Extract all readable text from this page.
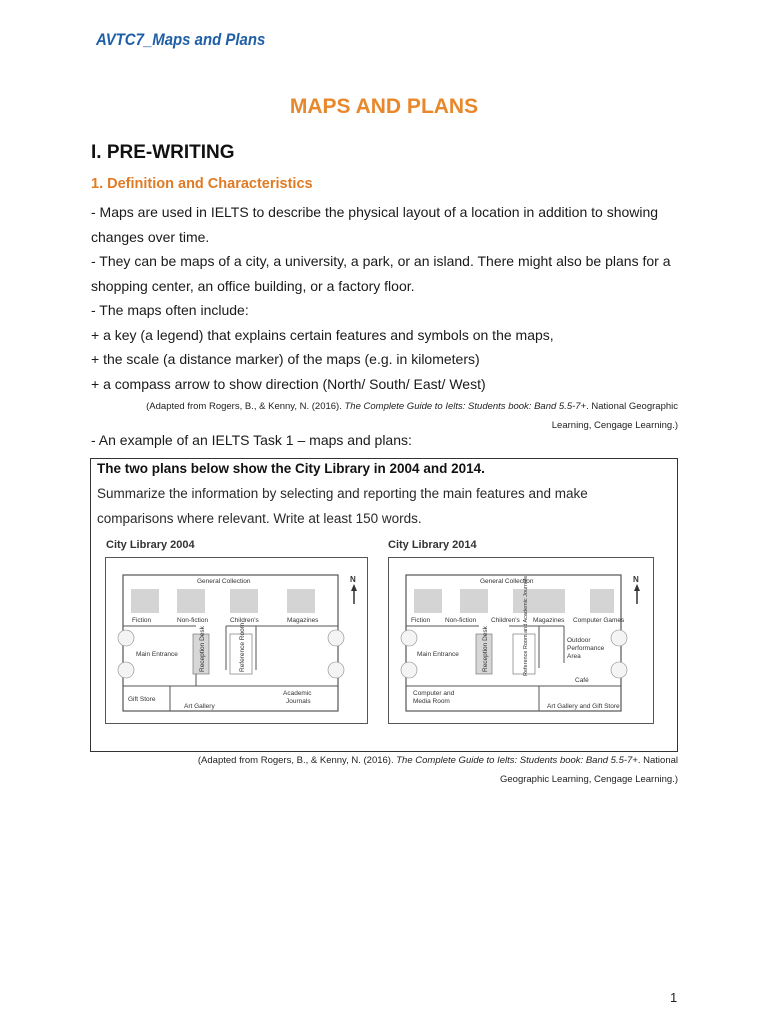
AVTC7_Maps and Plans
MAPS AND PLANS
I. PRE-WRITING
1. Definition and Characteristics
- Maps are used in IELTS to describe the physical layout of a location in addition to showing
changes over time.
- They can be maps of a city, a university, a park, or an island. There might also be plans for a
shopping center, an office building, or a factory floor.
- The maps often include:
+ a key (a legend) that explains certain features and symbols on the maps,
+ the scale (a distance marker) of the maps (e.g. in kilometers)
+ a compass arrow to show direction (North/ South/ East/ West)
(Adapted from Rogers, B., & Kenny, N. (2016). The Complete Guide to Ielts: Students book: Band 5.5-7+. National Geographic
Learning, Cengage Learning.)
- An example of an IELTS Task 1 – maps and plans:
The two plans below show the City Library in 2004 and 2014.
Summarize the information by selecting and reporting the main features and make
comparisons where relevant. Write at least 150 words.
City Library 2004	City Library 2014
N
General Collection
Fiction	Non-fiction	Children's	Magazines
Main Entrance	Reception Desk	Reference Room
Gift Store
Art Gallery
Academic
Journals
N
General Collection
Fiction Non-fiction Children's Magazines Computer Games
Main Entrance	Reception Desk	Reference Room and Academic Journals	Outdoor
Performance
Area
Café
Computer and
Media Room
Art Gallery and Gift Store
(Adapted from Rogers, B., & Kenny, N. (2016). The Complete Guide to Ielts: Students book: Band 5.5-7+. National
Geographic Learning, Cengage Learning.)
1
